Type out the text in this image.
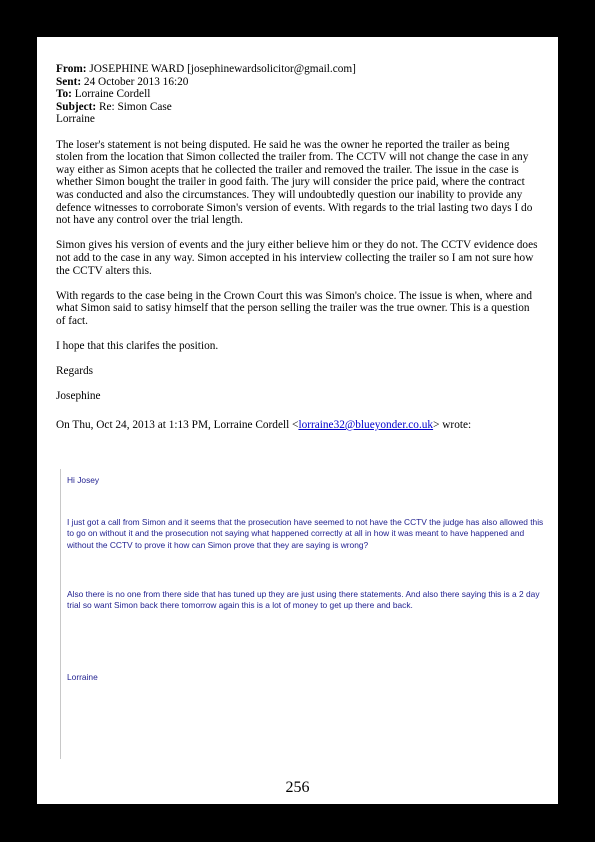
From: JOSEPHINE WARD [josephinewardsolicitor@gmail.com]
Sent: 24 October 2013 16:20
To: Lorraine Cordell
Subject: Re: Simon Case
Lorraine

The loser's statement is not being disputed. He said he was the owner he reported the trailer as being stolen from the location that Simon collected the trailer from. The CCTV will not change the case in any way either as Simon acepts that he collected the trailer and removed the trailer. The issue in the case is whether Simon bought the trailer in good faith. The jury will consider the price paid, where the contract was conducted and also the circumstances. They will undoubtedly question our inability to provide any defence witnesses to corroborate Simon's version of events. With regards to the trial lasting two days I do not have any control over the trial length.

Simon gives his version of events and the jury either believe him or they do not. The CCTV evidence does not add to the case in any way. Simon accepted in his interview collecting the trailer so I am not sure how the CCTV alters this.

With regards to the case being in the Crown Court this was Simon's choice. The issue is when, where and what Simon said to satisy himself that the person selling the trailer was the true owner. This is a question of fact.

I hope that this clarifes the position.

Regards

Josephine

On Thu, Oct 24, 2013 at 1:13 PM, Lorraine Cordell <lorraine32@blueyonder.co.uk> wrote:
256
Hi Josey
I just got a call from Simon and it seems that the prosecution have seemed to not have the CCTV the judge has also allowed this to go on without it and the prosecution not saying what happened correctly at all in how it was meant to have happened and without the CCTV to prove it how can Simon prove that they are saying is wrong?
Also there is no one from there side that has tuned up they are just using there statements. And also there saying this is a 2 day trial so want Simon back there tomorrow again this is a lot of money to get up there and back.
Lorraine
